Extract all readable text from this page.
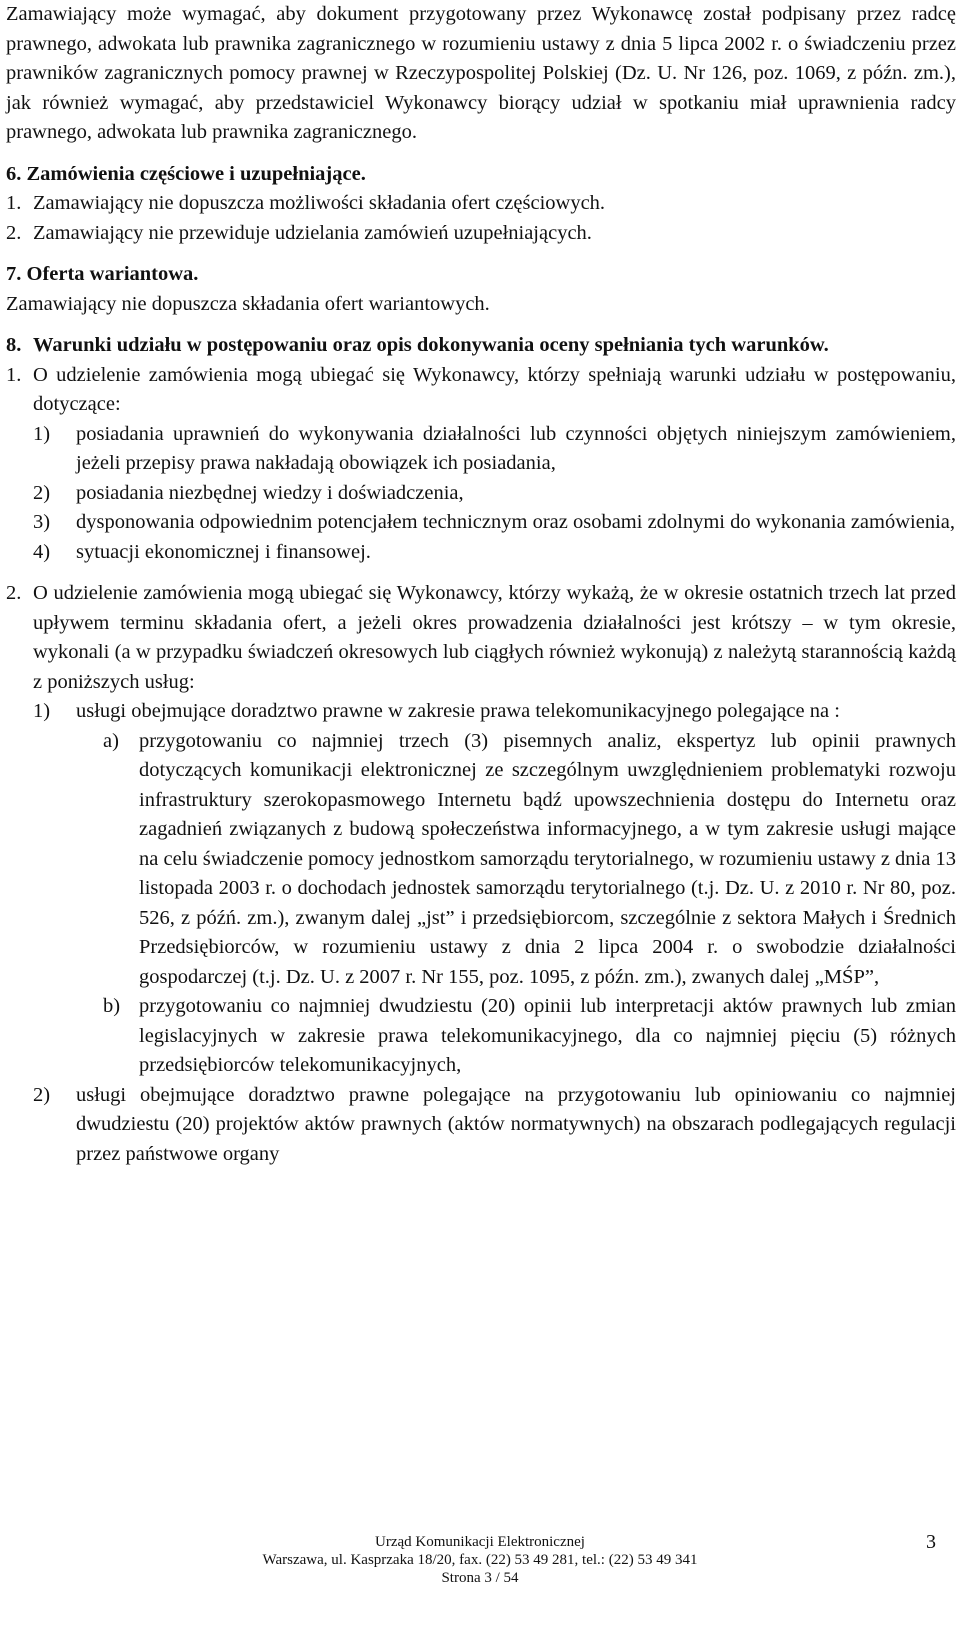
Zamawiający może wymagać, aby dokument przygotowany przez Wykonawcę został podpisany przez radcę prawnego, adwokata lub prawnika zagranicznego w rozumieniu ustawy z dnia 5 lipca 2002 r. o świadczeniu przez prawników zagranicznych pomocy prawnej w Rzeczypospolitej Polskiej (Dz. U. Nr 126, poz. 1069, z późn. zm.), jak również wymagać, aby przedstawiciel Wykonawcy biorący udział w spotkaniu miał uprawnienia radcy prawnego, adwokata lub prawnika zagranicznego.

6. Zamówienia częściowe i uzupełniające.

1. Zamawiający nie dopuszcza możliwości składania ofert częściowych.
2. Zamawiający nie przewiduje udzielania zamówień uzupełniających.

7. Oferta wariantowa.

Zamawiający nie dopuszcza składania ofert wariantowych.

8. Warunki udziału w postępowaniu oraz opis dokonywania oceny spełniania tych warunków.
1. O udzielenie zamówienia mogą ubiegać się Wykonawcy, którzy spełniają warunki udziału w postępowaniu, dotyczące:
1)	posiadania uprawnień do wykonywania działalności lub czynności objętych niniejszym zamówieniem, jeżeli przepisy prawa nakładają obowiązek ich posiadania,
2)	posiadania niezbędnej wiedzy i doświadczenia,
3)	dysponowania odpowiednim potencjałem technicznym oraz osobami zdolnymi do wykonania zamówienia,
4)	sytuacji ekonomicznej i finansowej.
2. O udzielenie zamówienia mogą ubiegać się Wykonawcy, którzy wykażą, że w okresie ostatnich trzech lat przed upływem terminu składania ofert, a jeżeli okres prowadzenia działalności jest krótszy – w tym okresie, wykonali (a w przypadku świadczeń okresowych lub ciągłych również wykonują) z należytą starannością każdą z poniższych usług:
1)	usługi obejmujące doradztwo prawne w zakresie prawa telekomunikacyjnego polegające na :
a) przygotowaniu co najmniej trzech (3) pisemnych analiz, ekspertyz lub opinii prawnych dotyczących komunikacji elektronicznej ze szczególnym uwzględnieniem problematyki rozwoju infrastruktury szerokopasmowego Internetu bądź upowszechnienia dostępu do Internetu oraz zagadnień związanych z budową społeczeństwa informacyjnego, a w tym zakresie usługi mające na celu świadczenie pomocy jednostkom samorządu terytorialnego, w rozumieniu ustawy z dnia 13 listopada 2003 r. o dochodach jednostek samorządu terytorialnego (t.j. Dz. U. z 2010 r. Nr 80, poz. 526, z późń. zm.), zwanym dalej „jst” i przedsiębiorcom, szczególnie z sektora Małych i Średnich Przedsiębiorców, w rozumieniu ustawy z dnia 2 lipca 2004 r. o swobodzie działalności gospodarczej (t.j. Dz. U. z 2007 r. Nr 155, poz. 1095, z późn. zm.), zwanych dalej „MŚP”,
b) przygotowaniu co najmniej dwudziestu (20) opinii lub interpretacji aktów prawnych lub zmian legislacyjnych w zakresie prawa telekomunikacyjnego, dla co najmniej pięciu (5) różnych przedsiębiorców telekomunikacyjnych,
2)	usługi obejmujące doradztwo prawne polegające na przygotowaniu lub opiniowaniu co najmniej dwudziestu (20) projektów aktów prawnych (aktów normatywnych) na obszarach podlegających regulacji przez państwowe organy
Urząd Komunikacji Elektronicznej
Warszawa, ul. Kasprzaka 18/20, fax. (22) 53 49 281, tel.: (22) 53 49 341
Strona 3 / 54
3
